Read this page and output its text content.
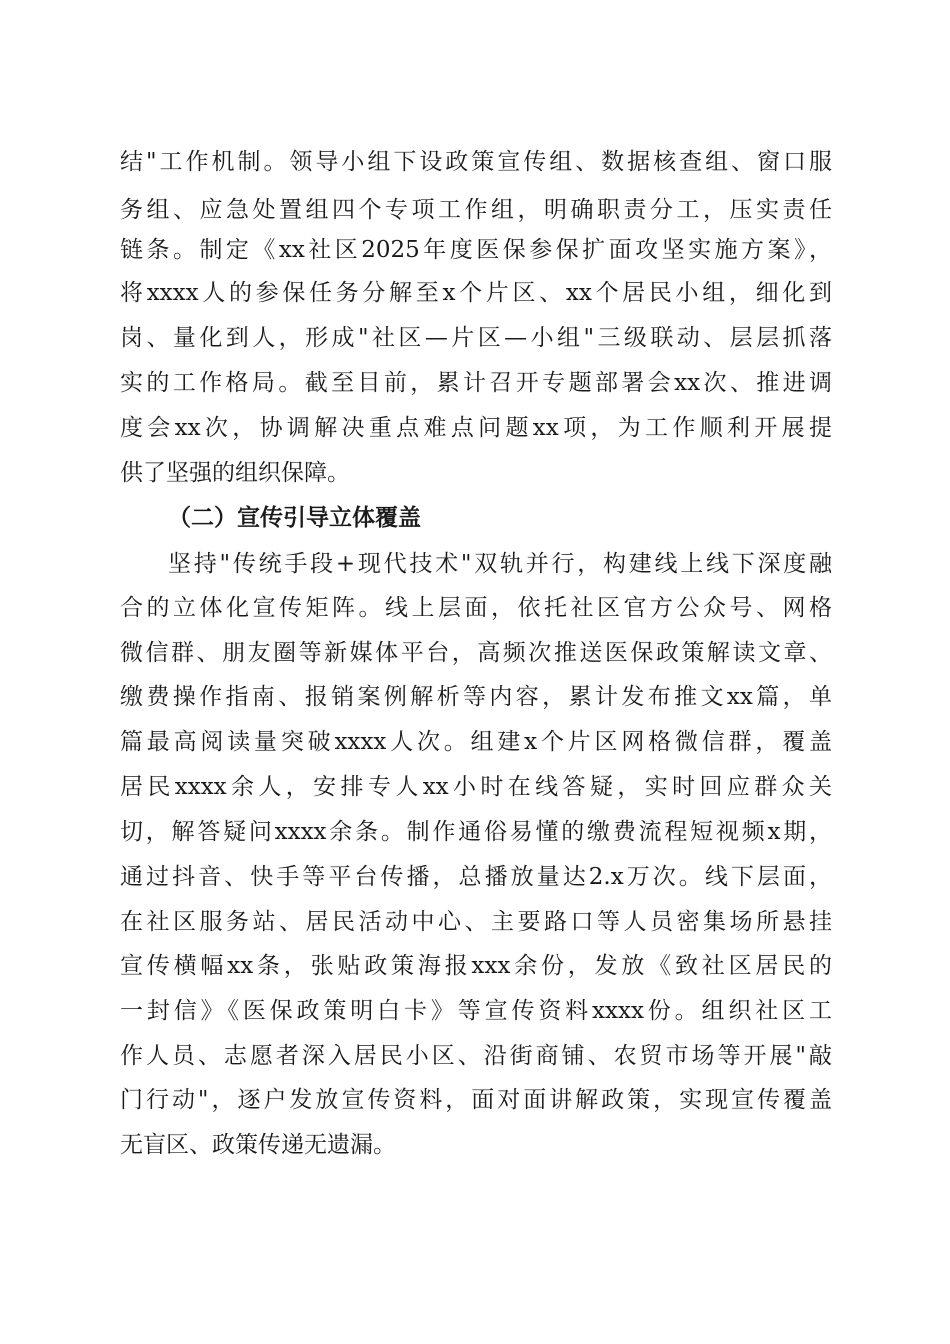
结"工作机制。领导小组下设政策宣传组、数据核查组、窗口服
务组、应急处置组四个专项工作组，明确职责分工，压实责任
链条。制定《xx社区2025年度医保参保扩面攻坚实施方案》，
将xxxx人的参保任务分解至x个片区、xx个居民小组，细化到
岗、量化到人，形成"社区—片区—小组"三级联动、层层抓落
实的工作格局。截至目前，累计召开专题部署会xx次、推进调
度会xx次，协调解决重点难点问题xx项，为工作顺利开展提
供了坚强的组织保障。
（二）宣传引导立体覆盖
坚持"传统手段+现代技术"双轨并行，构建线上线下深度融
合的立体化宣传矩阵。线上层面，依托社区官方公众号、网格
微信群、朋友圈等新媒体平台，高频次推送医保政策解读文章、
缴费操作指南、报销案例解析等内容，累计发布推文xx篇，单
篇最高阅读量突破xxxx人次。组建x个片区网格微信群，覆盖
居民xxxx余人，安排专人xx小时在线答疑，实时回应群众关
切，解答疑问xxxx余条。制作通俗易懂的缴费流程短视频x期，
通过抖音、快手等平台传播，总播放量达2.x万次。线下层面，
在社区服务站、居民活动中心、主要路口等人员密集场所悬挂
宣传横幅xx条，张贴政策海报xxx余份，发放《致社区居民的
一封信》《医保政策明白卡》等宣传资料xxxx份。组织社区工
作人员、志愿者深入居民小区、沿街商铺、农贸市场等开展"敲
门行动"，逐户发放宣传资料，面对面讲解政策，实现宣传覆盖
无盲区、政策传递无遗漏。
